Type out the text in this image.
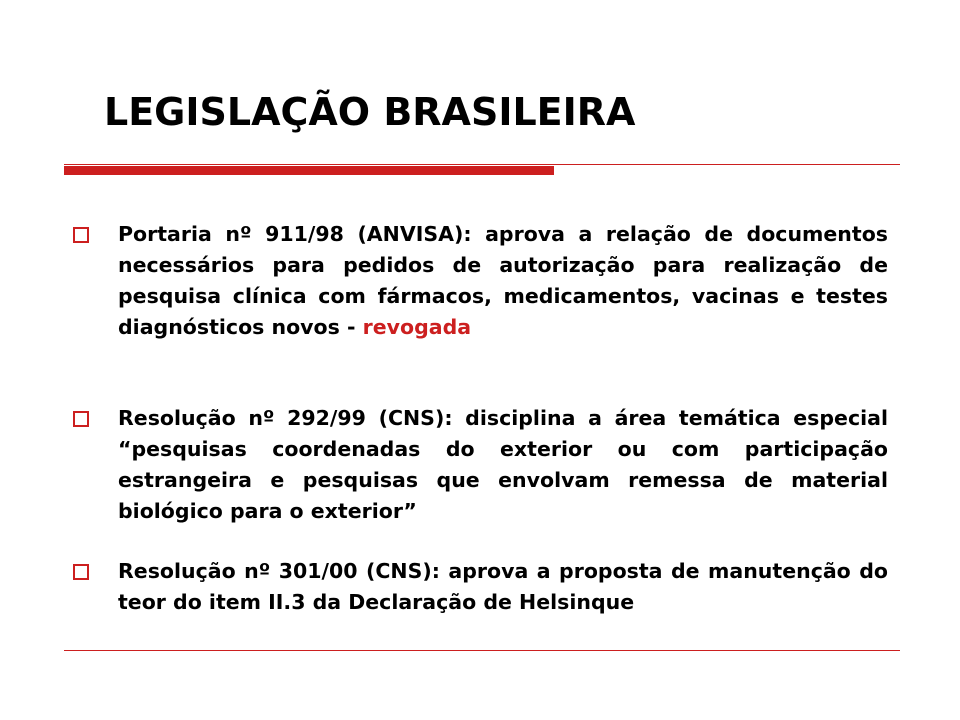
LEGISLAÇÃO BRASILEIRA

Portaria nº 911/98 (ANVISA): aprova a relação de documentos necessários para pedidos de autorização para realização de pesquisa clínica com fármacos, medicamentos, vacinas e testes diagnósticos novos - revogada

Resolução nº 292/99 (CNS): disciplina a área temática especial “pesquisas coordenadas do exterior ou com participação estrangeira e pesquisas que envolvam remessa de material biológico para o exterior”

Resolução nº 301/00 (CNS): aprova a proposta de manutenção do teor do item II.3 da Declaração de Helsinque
